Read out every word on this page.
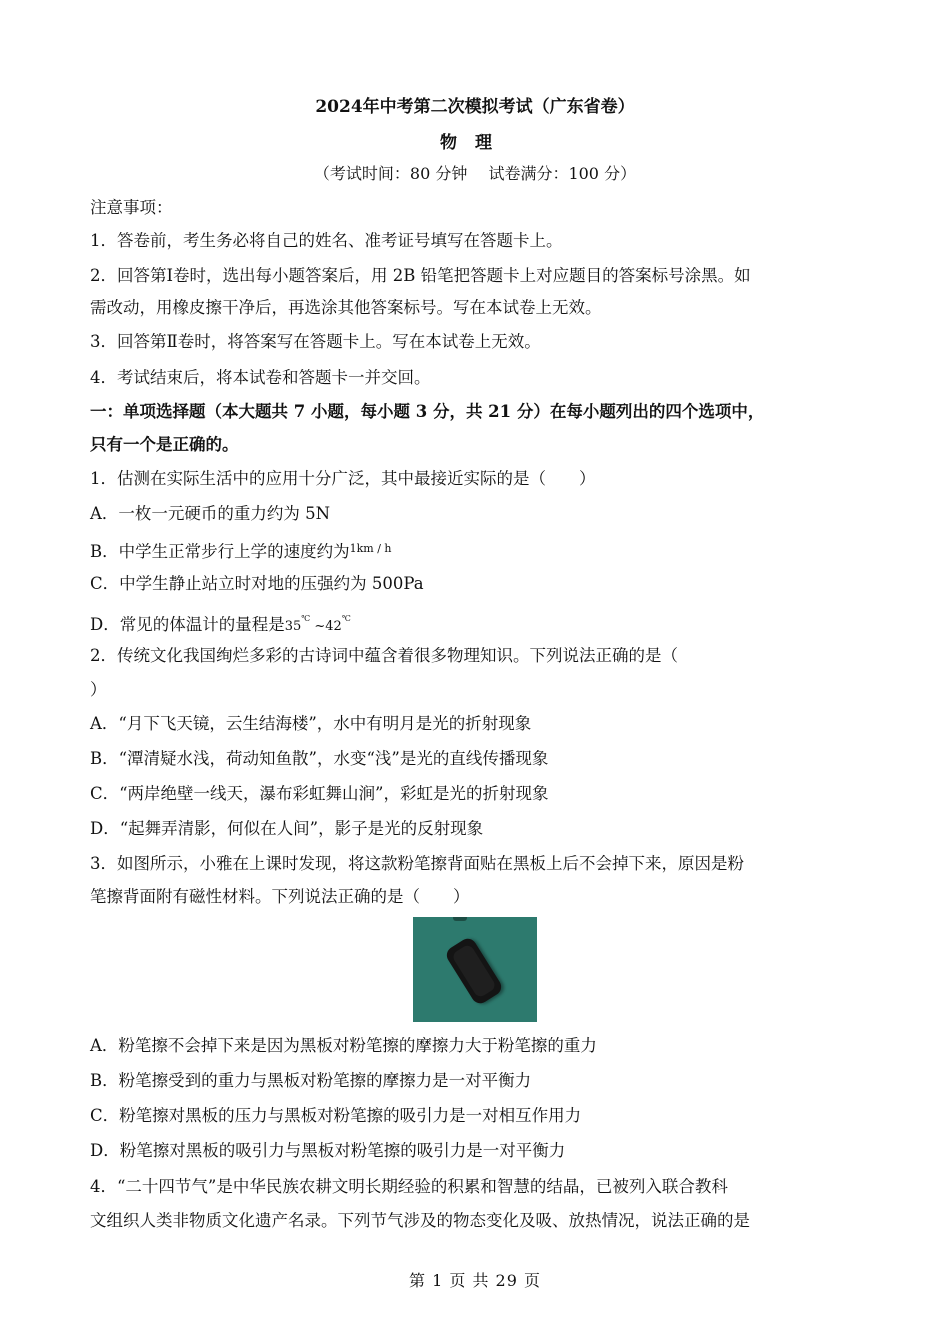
2024年中考第二次模拟考试（广东省卷）
物理
（考试时间：80 分钟　 试卷满分：100 分）
注意事项：
1．答卷前，考生务必将自己的姓名、准考证号填写在答题卡上。
2．回答第Ⅰ卷时，选出每小题答案后，用 2B 铅笔把答题卡上对应题目的答案标号涂黑。如
需改动，用橡皮擦干净后，再选涂其他答案标号。写在本试卷上无效。
3．回答第Ⅱ卷时，将答案写在答题卡上。写在本试卷上无效。
4．考试结束后，将本试卷和答题卡一并交回。
一：单项选择题（本大题共 7 小题，每小题 3 分，共 21 分）在每小题列出的四个选项中，
只有一个是正确的。
1．估测在实际生活中的应用十分广泛，其中最接近实际的是（　　）
A．一枚一元硬币的重力约为 5N
B．中学生正常步行上学的速度约为$^{1km / h}$
C．中学生静止站立时对地的压强约为 500Pa
D．常见的体温计的量程是35℃ ~42℃
2．传统文化我国绚烂多彩的古诗词中蕴含着很多物理知识。下列说法正确的是（
）
A．“月下飞天镜，云生结海楼”，水中有明月是光的折射现象
B．“潭清疑水浅，荷动知鱼散”，水变“浅”是光的直线传播现象
C．“两岸绝壁一线天，瀑布彩虹舞山涧”，彩虹是光的折射现象
D．“起舞弄清影，何似在人间”，影子是光的反射现象
3．如图所示，小雅在上课时发现，将这款粉笔擦背面贴在黑板上后不会掉下来，原因是粉
笔擦背面附有磁性材料。下列说法正确的是（　　）
A．粉笔擦不会掉下来是因为黑板对粉笔擦的摩擦力大于粉笔擦的重力
B．粉笔擦受到的重力与黑板对粉笔擦的摩擦力是一对平衡力
C．粉笔擦对黑板的压力与黑板对粉笔擦的吸引力是一对相互作用力
D．粉笔擦对黑板的吸引力与黑板对粉笔擦的吸引力是一对平衡力
4．“二十四节气”是中华民族农耕文明长期经验的积累和智慧的结晶，已被列入联合教科
文组织人类非物质文化遗产名录。下列节气涉及的物态变化及吸、放热情况，说法正确的是
第 1 页 共 29 页
